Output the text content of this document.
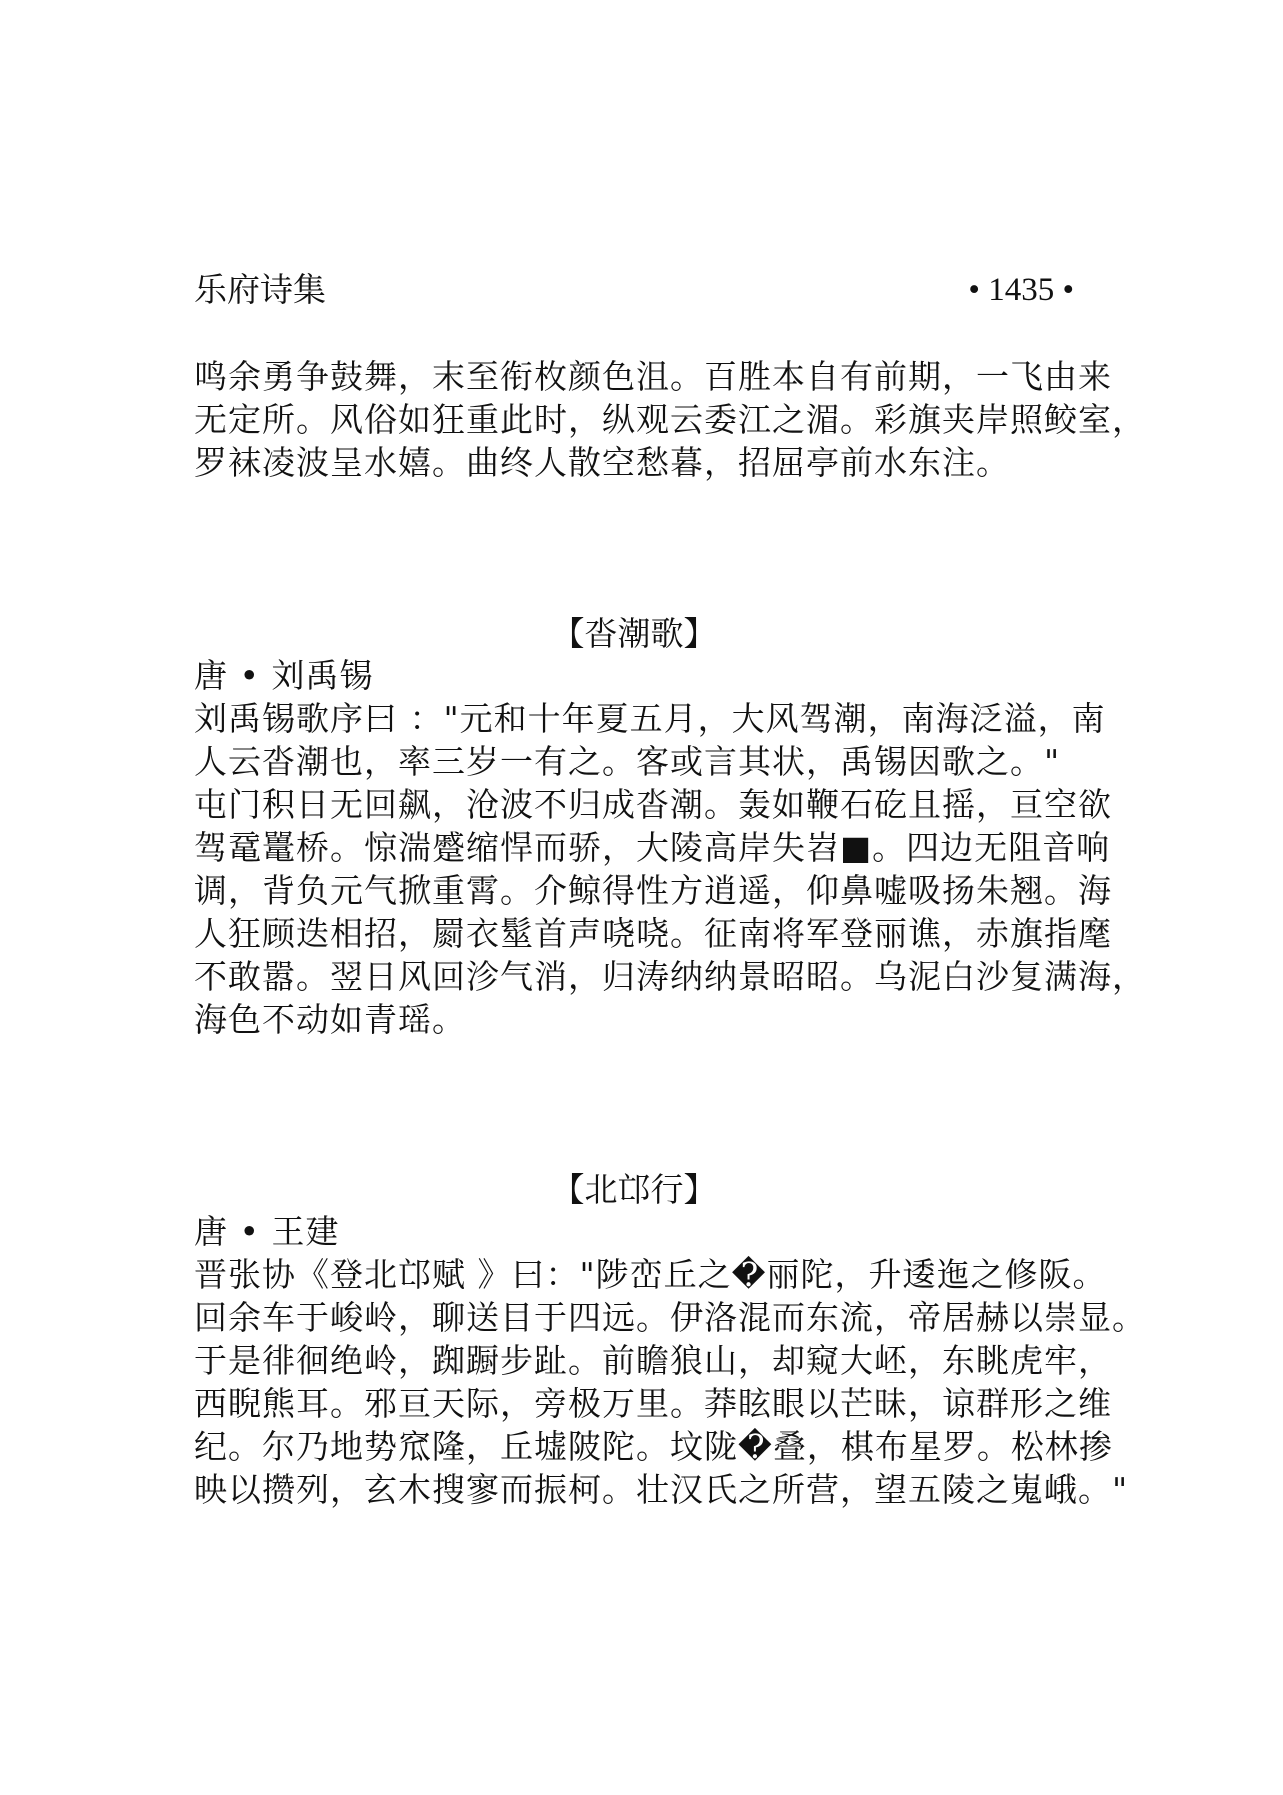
乐府诗集	• 1435 •
鸣余勇争鼓舞，末至衔枚颜色沮。百胜本自有前期，一飞由来
无定所。风俗如狂重此时，纵观云委江之湄。彩旗夹岸照鲛室，
罗袜凌波呈水嬉。曲终人散空愁暮，招屈亭前水东注。
【沓潮歌】
唐 • 刘禹锡
刘禹锡歌序曰 ："元和十年夏五月，大风驾潮，南海泛溢，南
人云沓潮也，率三岁一有之。客或言其状，禹锡因歌之。"
屯门积日无回飙，沧波不归成沓潮。轰如鞭石矻且摇，亘空欲
驾鼋鼍桥。惊湍蹙缩悍而骄，大陵高岸失岧■。四边无阻音响
调，背负元气掀重霄。介鲸得性方逍遥，仰鼻嘘吸扬朱翘。海
人狂顾迭相招，罽衣髽首声哓哓。征南将军登丽谯，赤旗指麾
不敢嚣。翌日风回沴气消，归涛纳纳景昭昭。乌泥白沙复满海，
海色不动如青瑶。
【北邙行】
唐 • 王建
晋张协《登北邙赋 》曰："陟峦丘之�丽陀，升逶迤之修阪。
回余车于峻岭，聊送目于四远。伊洛混而东流，帝居赫以崇显。
于是徘徊绝岭，踟蹰步趾。前瞻狼山，却窥大岯，东眺虎牢，
西睨熊耳。邪亘天际，旁极万里。莽眩眼以芒昧，谅群形之维
纪。尔乃地势窊隆，丘墟陂陀。坟陇�叠，棋布星罗。松林掺
映以攒列，玄木搜寥而振柯。壮汉氏之所营，望五陵之嵬峨。"
